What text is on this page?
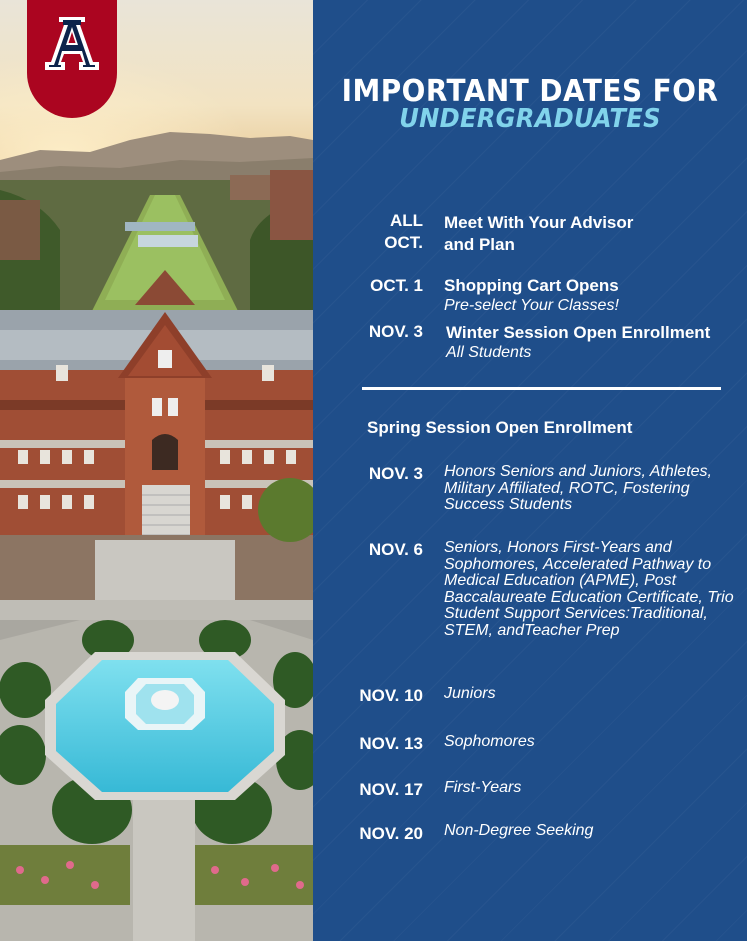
IMPORTANT DATES FOR
UNDERGRADUATES
ALL
OCT.
Meet With Your Advisor
and Plan
OCT. 1 Shopping Cart Opens
Pre-select Your Classes!
NOV. 3 Winter Session Open Enrollment
All Students
Spring Session Open Enrollment
NOV. 3 Honors Seniors and Juniors, Athletes, Military Affiliated, ROTC, Fostering Success Students
NOV. 6 Seniors, Honors First-Years and Sophomores, Accelerated Pathway to Medical Education (APME), Post Baccalaureate Education Certificate, Trio Student Support Services:Traditional, STEM, andTeacher Prep
NOV. 10 Juniors
NOV. 13 Sophomores
NOV. 17 First-Years
NOV. 20 Non-Degree Seeking
